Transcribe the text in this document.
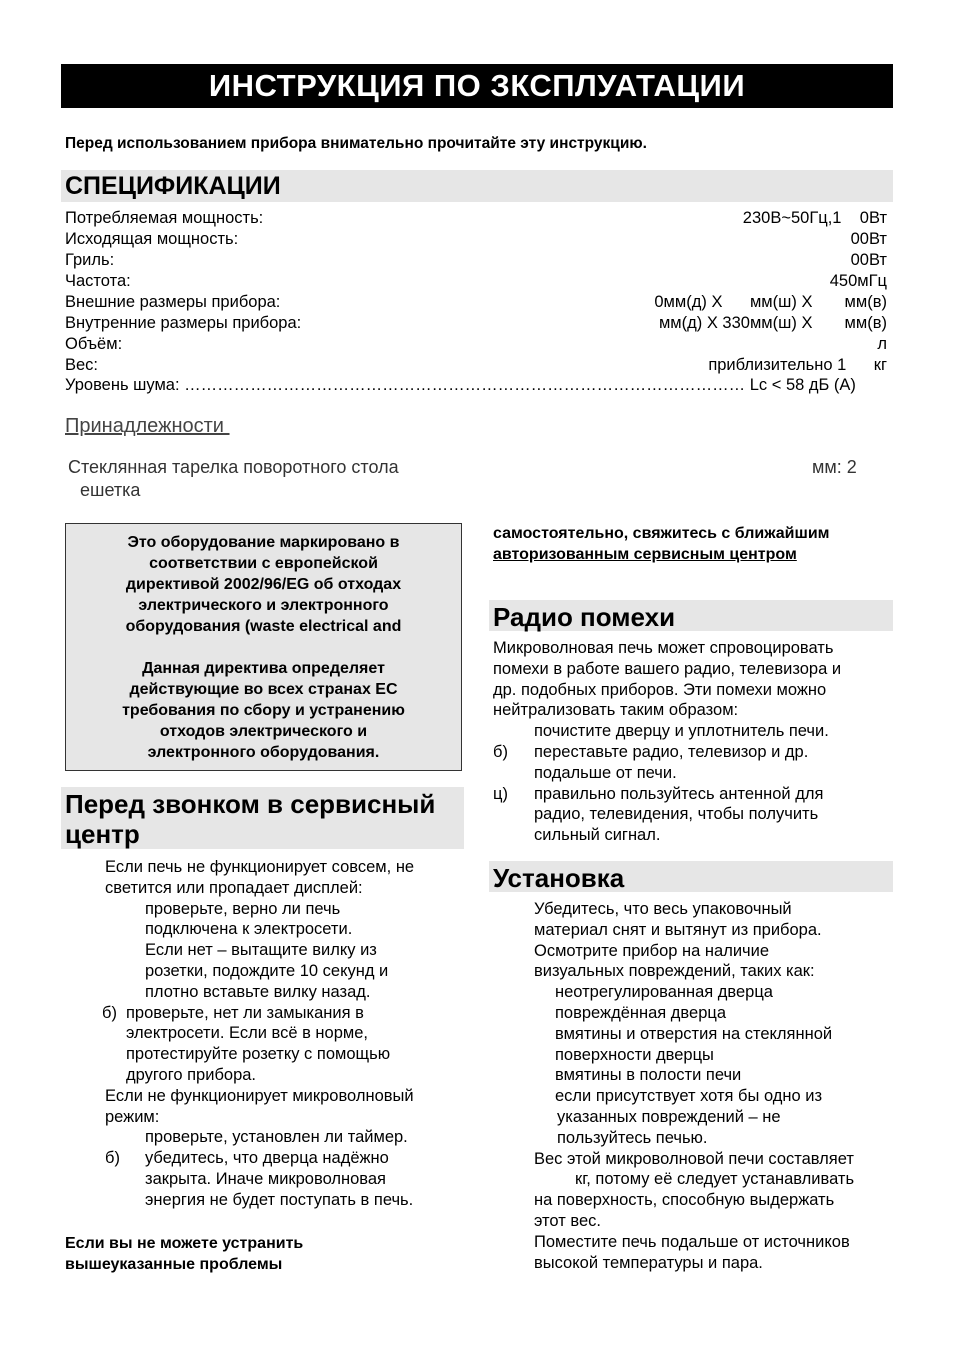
ИНСТРУКЦИЯ ПО ЗКСПЛУАТАЦИИ
Перед использованием прибора внимательно прочитайте эту инструкцию.
СПЕЦИФИКАЦИИ
Потребляемая мощность:	230В~50Гц,1    0Вт
Исходящая мощность:	00Вт
Гриль:	00Вт
Частота:	450мГц
Внешние размеры прибора:	0мм(д) Х      мм(ш) Х       мм(в)
Внутренние размеры прибора:	мм(д) Х 330мм(ш) Х       мм(в)
Объём:	л
Вес:	приблизительно 1      кг
Уровень шума: ………………………………………………………………………………………… Lc < 58 дБ (А)
Принадлежности
Стеклянная тарелка поворотного стола	мм: 2
ешетка

Это оборудование маркировано в
соответствии с европейской
директивой 2002/96/EG об отходах
электрического и электронного
оборудования (waste electrical and

Данная директива определяет
действующие во всех странах ЕС
требования по сбору и устранению
отходов электрического и
электронного оборудования.

Перед звонком в сервисный
центр
Если печь не функционирует совсем, не
светится или пропадает дисплей:
проверьте, верно ли печь
подключена к электросети.
Если нет – вытащите вилку из
розетки, подождите 10 секунд и
плотно вставьте вилку назад.
б) проверьте, нет ли замыкания в
электросети. Если всё в норме,
протестируйте розетку с помощью
другого прибора.
Если не функционирует микроволновый
режим:
проверьте, установлен ли таймер.
б) убедитесь, что дверца надёжно
закрыта. Иначе микроволновая
энергия не будет поступать в печь.
Если вы не можете устранить
вышеуказанные проблемы
самостоятельно, свяжитесь с ближайшим
авторизованным сервисным центром
Радио помехи
Микроволновая печь может спровоцировать
помехи в работе вашего радио, телевизора и
др. подобных приборов. Эти помехи можно
нейтрализовать таким образом:
почистите дверцу и уплотнитель печи.
б) переставьте радио, телевизор и др.
подальше от печи.
ц) правильно пользуйтесь антенной для
радио, телевидения, чтобы получить
сильный сигнал.
Установка
Убедитесь, что весь упаковочный
материал снят и вытянут из прибора.
Осмотрите прибор на наличие
визуальных повреждений, таких как:
неотрегулированная дверца
повреждённая дверца
вмятины и отверстия на стеклянной
поверхности дверцы
вмятины в полости печи
если присутствует хотя бы одно из
указанных повреждений – не
пользуйтесь печью.
Вес этой микроволновой печи составляет
кг, потому её следует устанавливать
на поверхность, способную выдержать
этот вес.
Поместите печь подальше от источников
высокой температуры и пара.
